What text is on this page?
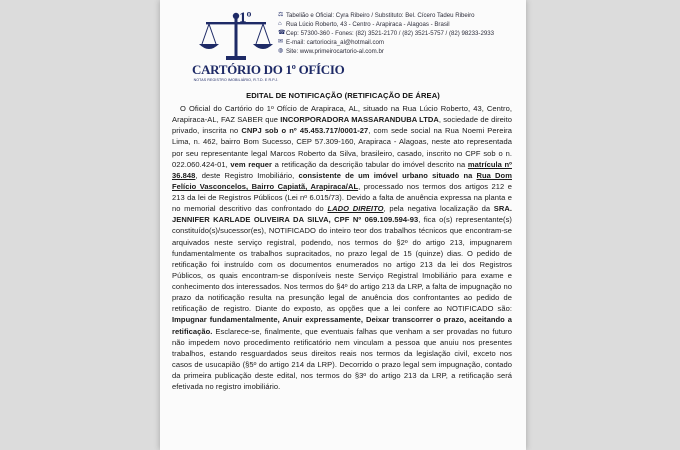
1º
CARTÓRIO DO 1º OFÍCIO
NOTAS REGISTRO IMOBILIÁRIO, R.T.D. E R.P.J.
⚖ Tabelião e Oficial: Cyra Ribeiro / Substituto: Bel. Cícero Tadeu Ribeiro
⌂ Rua Lúcio Roberto, 43 - Centro - Arapiraca - Alagoas - Brasil
☎ Cep: 57300-360 - Fones: (82) 3521-2170 / (82) 3521-5757 / (82) 98233-2933
✉ E-mail: cartoriocira_al@hotmail.com
◍ Site: www.primeirocartorio-al.com.br
EDITAL DE NOTIFICAÇÃO (RETIFICAÇÃO DE ÁREA)

O Oficial do Cartório do 1º Ofício de Arapiraca, AL, situado na Rua Lúcio Roberto, 43, Centro, Arapiraca-AL, FAZ SABER que INCORPORADORA MASSARANDUBA LTDA, sociedade de direito privado, inscrita no CNPJ sob o nº 45.453.717/0001-27, com sede social na Rua Noemi Pereira Lima, n. 462, bairro Bom Sucesso, CEP 57.309-160, Arapiraca - Alagoas, neste ato representada por seu representante legal Marcos Roberto da Silva, brasileiro, casado, inscrito no CPF sob o n. 022.060.424-01, vem requer a retificação da descrição tabular do imóvel descrito na matrícula nº 36.848, deste Registro Imobiliário, consistente de um imóvel urbano situado na Rua Dom Felício Vasconcelos, Bairro Capiatã, Arapiraca/AL, processado nos termos dos artigos 212 e 213 da lei de Registros Públicos (Lei nº 6.015/73). Devido a falta de anuência expressa na planta e no memorial descritivo das confrontado do LADO DIREITO, pela negativa localização da SRA. JENNIFER KARLADE OLIVEIRA DA SILVA, CPF Nº 069.109.594-93, fica o(s) representante(s) constituído(s)/sucessor(es), NOTIFICADO do inteiro teor dos trabalhos técnicos que encontram-se arquivados neste serviço registral, podendo, nos termos do §2º do artigo 213, impugnarem fundamentalmente os trabalhos supracitados, no prazo legal de 15 (quinze) dias. O pedido de retificação foi instruído com os documentos enumerados no artigo 213 da lei dos Registros Públicos, os quais encontram-se disponíveis neste Serviço Registral Imobiliário para exame e conhecimento dos interessados. Nos termos do §4º do artigo 213 da LRP, a falta de impugnação no prazo da notificação resulta na presunção legal de anuência dos confrontantes ao pedido de retificação de registro. Diante do exposto, as opções que a lei confere ao NOTIFICADO são: Impugnar fundamentalmente, Anuir expressamente, Deixar transcorrer o prazo, aceitando a retificação. Esclarece-se, finalmente, que eventuais falhas que venham a ser provadas no futuro não impedem novo procedimento retificatório nem vinculam a pessoa que anuiu nos presentes trabalhos, estando resguardados seus direitos reais nos termos da legislação civil, exceto nos casos de usucapião (§5º do artigo 214 da LRP). Decorrido o prazo legal sem impugnação, contado da primeira publicação deste edital, nos termos do §3º do artigo 213 da LRP, a retificação será efetivada no registro imobiliário.
